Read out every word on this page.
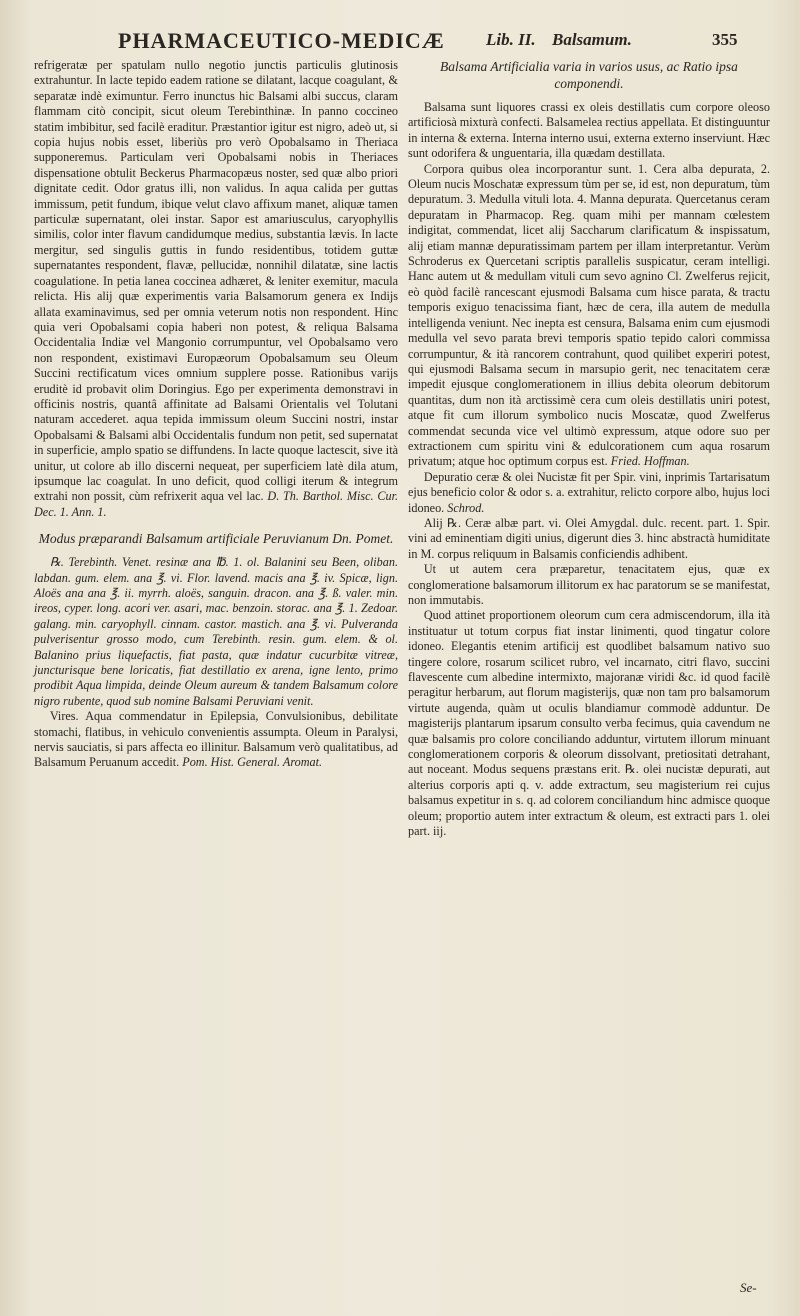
PHARMACEUTICO-MEDICÆ Lib. II. Balsamum.	355

refrigeratæ per spatulam nullo negotio junctis particulis glutinosis extrahuntur. In lacte tepido eadem ratione se dilatant, lacque coagulant, & separatæ indè eximuntur. Ferro inunctus hic Balsami albi succus, claram flammam citò concipit, sicut oleum Terebinthinæ. In panno coccineo statim imbibitur, sed facilè eraditur. Præstantior igitur est nigro, adeò ut, si copia hujus nobis esset, liberiùs pro verò Opobalsamo in Theriaca supponeremus. Particulam veri Opobalsami nobis in Theriaces dispensatione obtulit Beckerus Pharmacopæus noster, sed quæ albo priori dignitate cedit. Odor gratus illi, non validus. In aqua calida per guttas immissum, petit fundum, ibique velut clavo affixum manet, aliquæ tamen particulæ supernatant, olei instar. Sapor est amariusculus, caryophyllis similis, color inter flavum candidumque medius, substantia lævis. In lacte mergitur, sed singulis guttis in fundo residentibus, totidem guttæ supernatantes respondent, flavæ, pellucidæ, nonnihil dilatatæ, sine lactis coagulatione. In petia lanea coccinea adhæret, & leniter exemitur, macula relicta. His alij quæ experimentis varia Balsamorum genera ex Indijs allata examinavimus, sed per omnia veterum notis non respondent. Hinc quia veri Opobalsami copia haberi non potest, & reliqua Balsama Occidentalia Indiæ vel Mangonio corrumpuntur, vel Opobalsamo vero non respondent, existimavi Europæorum Opobalsamum seu Oleum Succini rectificatum vices omnium supplere posse. Rationibus varijs eruditè id probavit olim Doringius. Ego per experimenta demonstravi in officinis nostris, quantâ affinitate ad Balsami Orientalis vel Tolutani naturam accederet. aqua tepida immissum oleum Succini nostri, instar Opobalsami & Balsami albi Occidentalis fundum non petit, sed supernatat in superficie, amplo spatio se diffundens. In lacte quoque lactescit, sive ità unitur, ut colore ab illo discerni nequeat, per superficiem latè dila atum, ipsumque lac coagulat. In uno deficit, quod colligi iterum & integrum extrahi non possit, cùm refrixerit aqua vel lac. D. Th. Barthol. Misc. Cur. Dec. 1. Ann. 1.

Modus præparandi Balsamum artificiale Peruvianum Dn. Pomet.

℞. Terebinth. Venet. resinæ ana ℔. 1. ol. Balanini seu Been, oliban. labdan. gum. elem. ana ℥. vi. Flor. lavend. macis ana ℥. iv. Spicæ, lign. Aloës ana ana ℥. ii. myrrh. aloës, sanguin. dracon. ana ℥. ß. valer. min. ireos, cyper. long. acori ver. asari, mac. benzoin. storac. ana ℥. 1. Zedoar. galang. min. caryophyll. cinnam. castor. mastich. ana ℥. vi. Pulveranda pulverisentur grosso modo, cum Terebinth. resin. gum. elem. & ol. Balanino prius liquefactis, fiat pasta, quæ indatur cucurbitæ vitreæ, juncturisque bene loricatis, fiat destillatio ex arena, igne lento, primo prodibit Aqua limpida, deinde Oleum aureum & tandem Balsamum colore nigro rubente, quod sub nomine Balsami Peruviani venit.

Vires. Aqua commendatur in Epilepsia, Convulsionibus, debilitate stomachi, flatibus, in vehiculo convenientis assumpta. Oleum in Paralysi, nervis sauciatis, si pars affecta eo illinitur. Balsamum verò qualitatibus, ad Balsamum Peruanum accedit. Pom. Hist. General. Aromat.

Balsama Artificialia varia in varios usus, ac Ratio ipsa componendi.

Balsama sunt liquores crassi ex oleis destillatis cum corpore oleoso artificiosà mixturà confecti. Balsamelea rectius appellata. Et distinguuntur in interna & externa. Interna interno usui, externa externo inserviunt. Hæc sunt odorifera & unguentaria, illa quædam destillata.

Corpora quibus olea incorporantur sunt. 1. Cera alba depurata, 2. Oleum nucis Moschatæ expressum tùm per se, id est, non depuratum, tùm depuratum. 3. Medulla vituli lota. 4. Manna depurata. Quercetanus ceram depuratam in Pharmacop. Reg. quam mihi per mannam cœlestem indigitat, commendat, licet alij Saccharum clarificatum & inspissatum, alij etiam mannæ depuratissimam partem per illam interpretantur. Verùm Schroderus ex Quercetani scriptis parallelis suspicatur, ceram intelligi. Hanc autem ut & medullam vituli cum sevo agnino Cl. Zwelferus rejicit, eò quòd facilè rancescant ejusmodi Balsama cum hisce parata, & tractu temporis exiguo tenacissima fiant, hæc de cera, illa autem de medulla intelligenda veniunt. Nec inepta est censura, Balsama enim cum ejusmodi medulla vel sevo parata brevi temporis spatio tepido calori commissa corrumpuntur, & ità rancorem contrahunt, quod quilibet experiri potest, qui ejusmodi Balsama secum in marsupio gerit, nec tenacitatem ceræ impedit ejusque conglomerationem in illius debita oleorum debitorum quantitas, dum non ità arctissimè cera cum oleis destillatis uniri potest, atque fit cum illorum symbolico nucis Moscatæ, quod Zwelferus commendat secunda vice vel ultimò expressum, atque odore suo per extractionem cum spiritu vini & edulcorationem cum aqua rosarum privatum; atque hoc optimum corpus est. Fried. Hoffman.

Depuratio ceræ & olei Nucistæ fit per Spir. vini, inprimis Tartarisatum ejus beneficio color & odor s. a. extrahitur, relicto corpore albo, hujus loci idoneo. Schrod.

Alij ℞. Ceræ albæ part. vi. Olei Amygdal. dulc. recent. part. 1. Spir. vini ad eminentiam digiti unius, digerunt dies 3. hinc abstractà humiditate in M. corpus reliquum in Balsamis conficiendis adhibent.

Ut ut autem cera præparetur, tenacitatem ejus, quæ ex conglomeratione balsamorum illitorum ex hac paratorum se se manifestat, non immutabis.

Quod attinet proportionem oleorum cum cera admiscendorum, illa ità instituatur ut totum corpus fiat instar linimenti, quod tingatur colore idoneo. Elegantis etenim artificij est quodlibet balsamum nativo suo tingere colore, rosarum scilicet rubro, vel incarnato, citri flavo, succini flavescente cum albedine intermixto, majoranæ viridi &c. id quod facilè peragitur herbarum, aut florum magisterijs, quæ non tam pro balsamorum virtute augenda, quàm ut oculis blandiamur commodè adduntur. De magisterijs plantarum ipsarum consulto verba fecimus, quia cavendum ne quæ balsamis pro colore conciliando adduntur, virtutem illorum minuant conglomerationem corporis & oleorum dissolvant, pretiositati detrahant, aut noceant. Modus sequens præstans erit. ℞. olei nucistæ depurati, aut alterius corporis apti q. v. adde extractum, seu magisterium rei cujus balsamus expetitur in s. q. ad colorem conciliandum hinc admisce quoque oleum; proportio autem inter extractum & oleum, est extracti pars 1. olei part. iij.

Se-
